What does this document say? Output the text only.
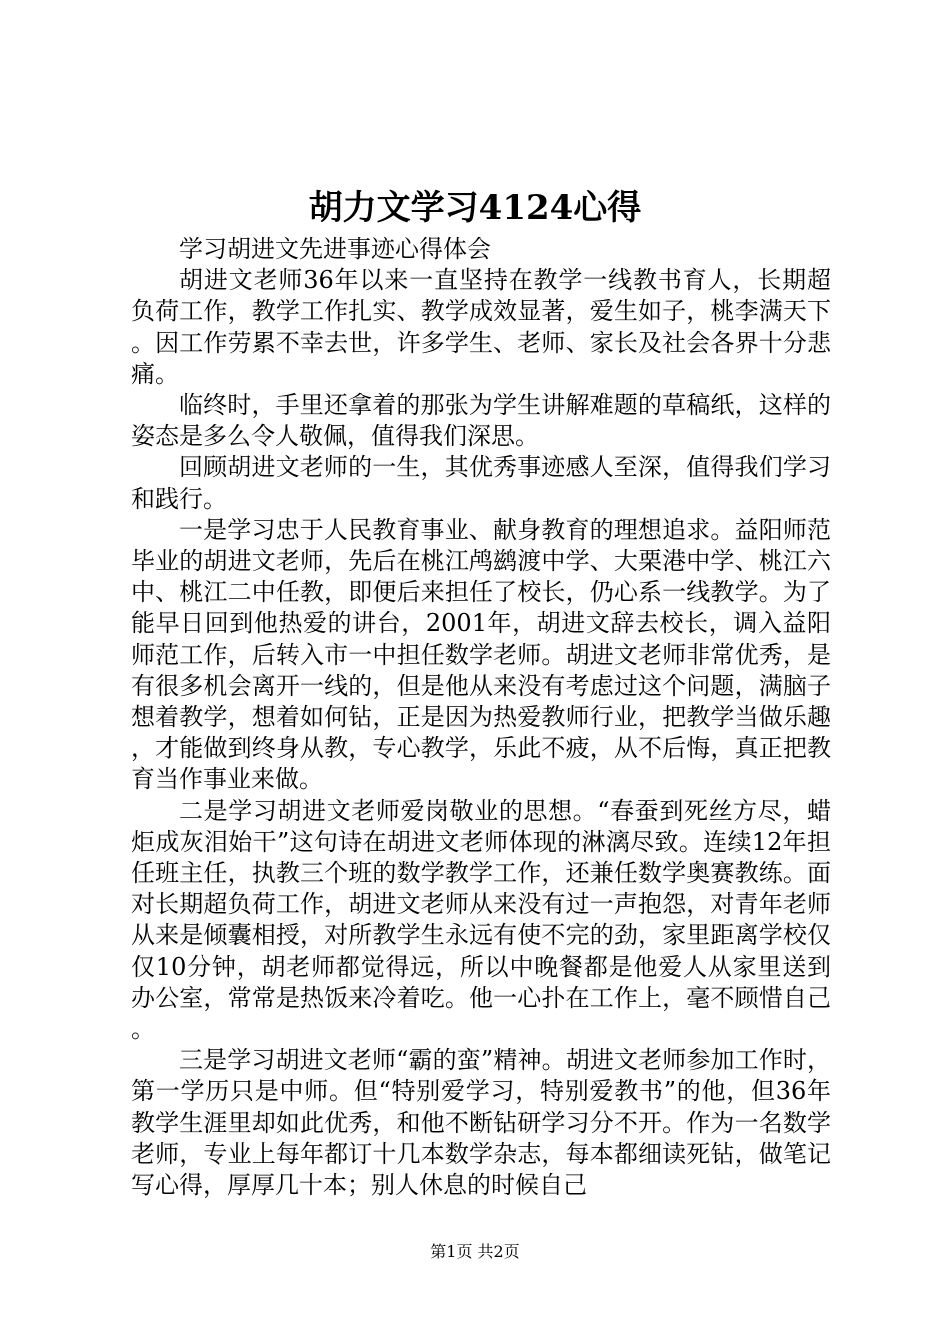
胡力文学习4124心得

学习胡进文先进事迹心得体会

胡进文老师36年以来一直坚持在教学一线教书育人，长期超负荷工作，教学工作扎实、教学成效显著，爱生如子，桃李满天下。因工作劳累不幸去世，许多学生、老师、家长及社会各界十分悲痛。

临终时，手里还拿着的那张为学生讲解难题的草稿纸，这样的姿态是多么令人敬佩，值得我们深思。

回顾胡进文老师的一生，其优秀事迹感人至深，值得我们学习和践行。

一是学习忠于人民教育事业、献身教育的理想追求。益阳师范毕业的胡进文老师，先后在桃江鸬鹚渡中学、大栗港中学、桃江六中、桃江二中任教，即便后来担任了校长，仍心系一线教学。为了能早日回到他热爱的讲台，2001年，胡进文辞去校长，调入益阳师范工作，后转入市一中担任数学老师。胡进文老师非常优秀，是有很多机会离开一线的，但是他从来没有考虑过这个问题，满脑子想着教学，想着如何钻，正是因为热爱教师行业，把教学当做乐趣，才能做到终身从教，专心教学，乐此不疲，从不后悔，真正把教育当作事业来做。

二是学习胡进文老师爱岗敬业的思想。“春蚕到死丝方尽，蜡炬成灰泪始干”这句诗在胡进文老师体现的淋漓尽致。连续12年担任班主任，执教三个班的数学教学工作，还兼任数学奥赛教练。面对长期超负荷工作，胡进文老师从来没有过一声抱怨，对青年老师从来是倾囊相授，对所教学生永远有使不完的劲，家里距离学校仅仅10分钟，胡老师都觉得远，所以中晚餐都是他爱人从家里送到办公室，常常是热饭来冷着吃。他一心扑在工作上，毫不顾惜自己。

三是学习胡进文老师“霸的蛮”精神。胡进文老师参加工作时，第一学历只是中师。但“特别爱学习，特别爱教书”的他，但36年教学生涯里却如此优秀，和他不断钻研学习分不开。作为一名数学老师，专业上每年都订十几本数学杂志，每本都细读死钻，做笔记写心得，厚厚几十本；别人休息的时候自己

第1页 共2页
